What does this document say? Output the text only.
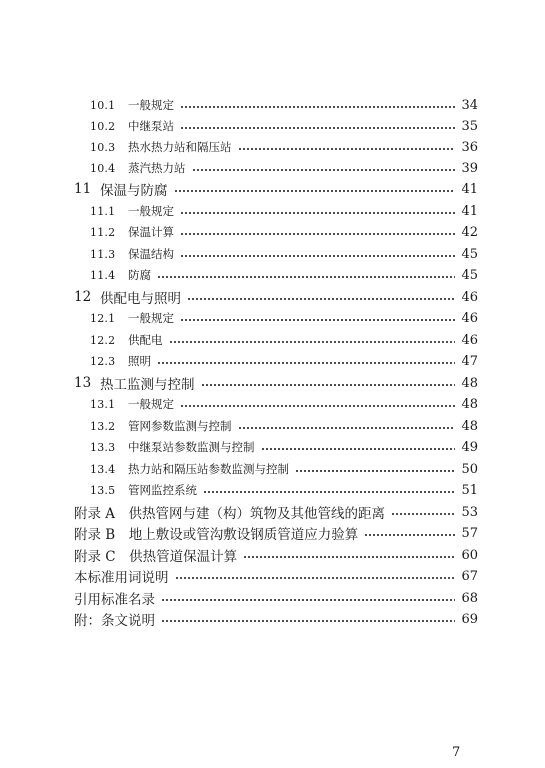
10.1	一般规定	34
10.2	中继泵站	35
10.3	热水热力站和隔压站	36
10.4	蒸汽热力站	39
11 保温与防腐	41
11.1	一般规定	41
11.2	保温计算	42
11.3	保温结构	45
11.4	防腐	45
12 供配电与照明	46
12.1	一般规定	46
12.2	供配电	46
12.3	照明	47
13 热工监测与控制	48
13.1	一般规定	48
13.2	管网参数监测与控制	48
13.3	中继泵站参数监测与控制	49
13.4	热力站和隔压站参数监测与控制	50
13.5	管网监控系统	51
附录 A　供热管网与建（构）筑物及其他管线的距离	53
附录 B　地上敷设或管沟敷设钢质管道应力验算	57
附录 C　供热管道保温计算	60
本标准用词说明	67
引用标准名录	68
附：条文说明	69
7
